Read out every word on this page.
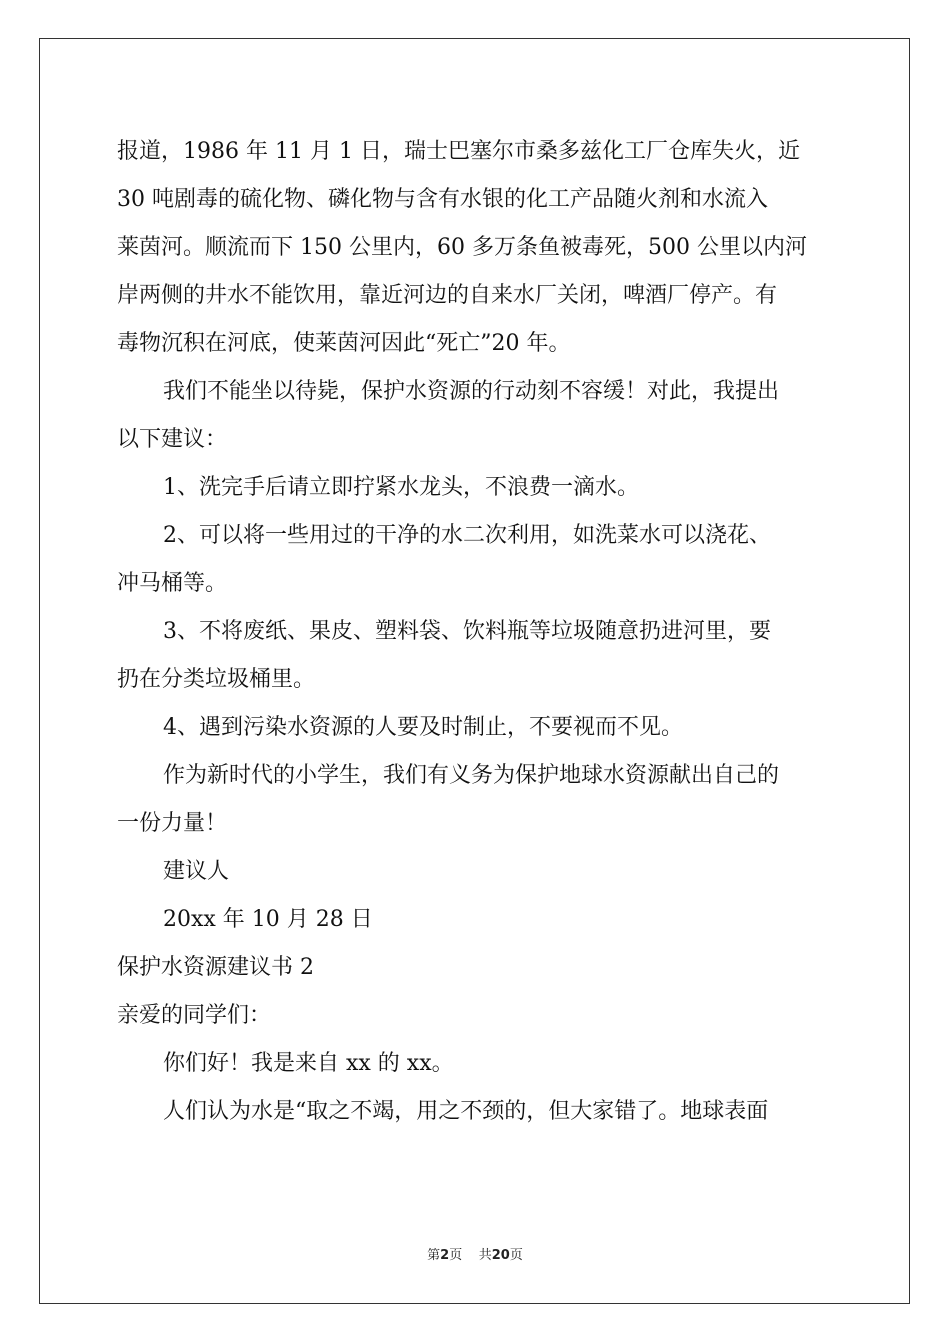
报道，1986 年 11 月 1 日，瑞士巴塞尔市桑多兹化工厂仓库失火，近
30 吨剧毒的硫化物、磷化物与含有水银的化工产品随火剂和水流入
莱茵河。顺流而下 150 公里内，60 多万条鱼被毒死，500 公里以内河
岸两侧的井水不能饮用，靠近河边的自来水厂关闭，啤酒厂停产。有
毒物沉积在河底，使莱茵河因此“死亡”20 年。
我们不能坐以待毙，保护水资源的行动刻不容缓！对此，我提出
以下建议：
1、洗完手后请立即拧紧水龙头，不浪费一滴水。
2、可以将一些用过的干净的水二次利用，如洗菜水可以浇花、
冲马桶等。
3、不将废纸、果皮、塑料袋、饮料瓶等垃圾随意扔进河里，要
扔在分类垃圾桶里。
4、遇到污染水资源的人要及时制止，不要视而不见。
作为新时代的小学生，我们有义务为保护地球水资源献出自己的
一份力量！
建议人
20xx 年 10 月 28 日
保护水资源建议书 2
亲爱的同学们：
你们好！我是来自 xx 的 xx。
人们认为水是“取之不竭，用之不颈的，但大家错了。地球表面
第2页 共20页
